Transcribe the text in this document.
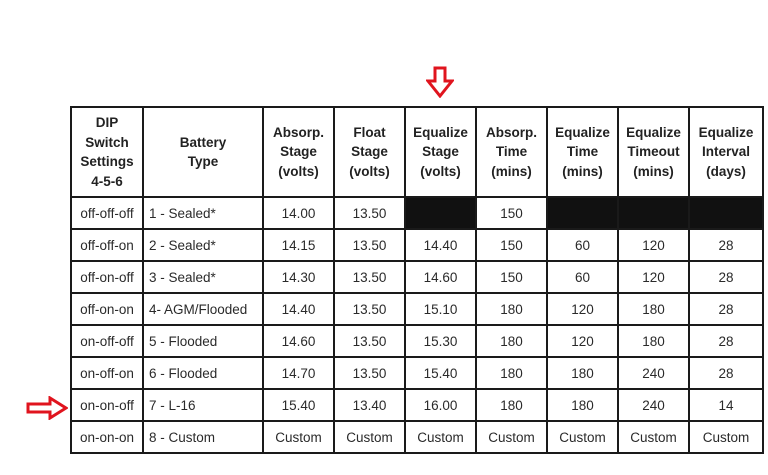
DIP
Switch
Settings
4-5-6	Battery
Type	Absorp.
Stage
(volts)	Float
Stage
(volts)	Equalize
Stage
(volts)	Absorp.
Time
(mins)	Equalize
Time
(mins)	Equalize
Timeout
(mins)	Equalize
Interval
(days)

off-off-off	1 - Sealed*	14.00	13.50		150			
off-off-on	2 - Sealed*	14.15	13.50	14.40	150	60	120	28
off-on-off	3 - Sealed*	14.30	13.50	14.60	150	60	120	28
off-on-on	4- AGM/Flooded	14.40	13.50	15.10	180	120	180	28
on-off-off	5 - Flooded	14.60	13.50	15.30	180	120	180	28
on-off-on	6 - Flooded	14.70	13.50	15.40	180	180	240	28
on-on-off	7 - L-16	15.40	13.40	16.00	180	180	240	14
on-on-on	8 - Custom	Custom	Custom	Custom	Custom	Custom	Custom	Custom
